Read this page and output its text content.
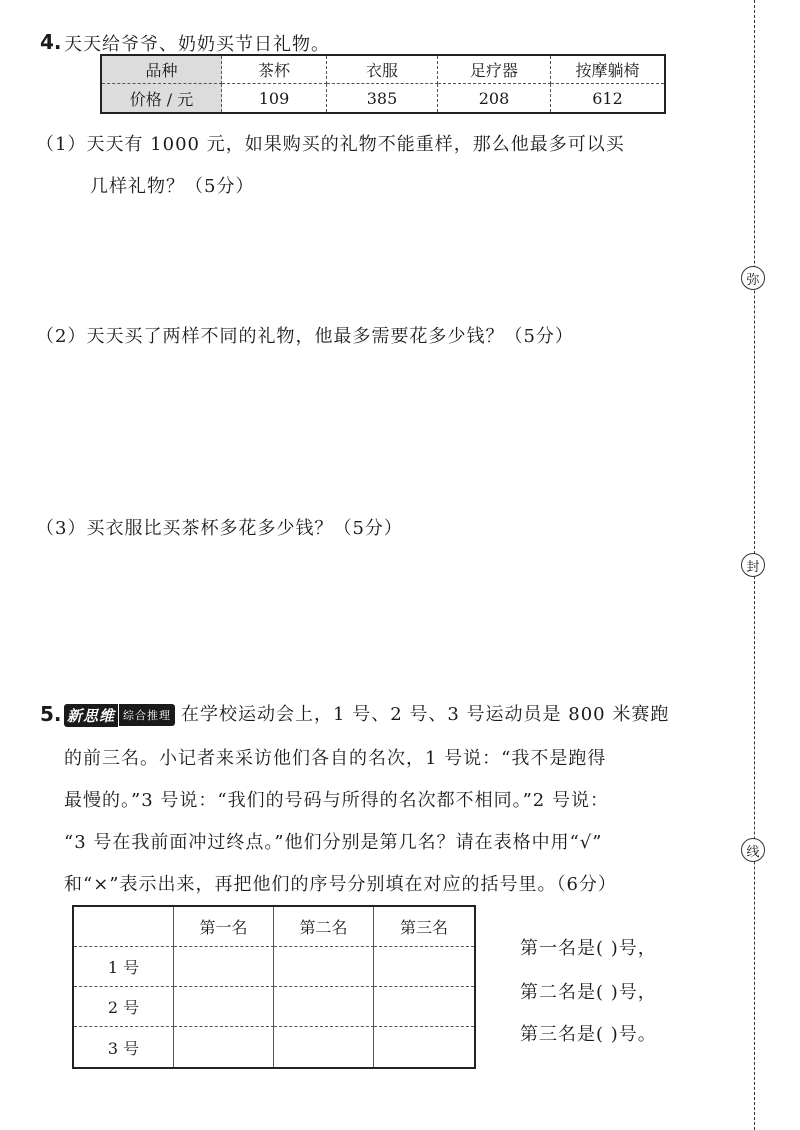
4. 天天给爷爷、奶奶买节日礼物。
品种	茶杯	衣服	足疗器	按摩躺椅
价格 / 元	109	385	208	612
（1）天天有 1000 元，如果购买的礼物不能重样，那么他最多可以买
几样礼物？（5分）
（2）天天买了两样不同的礼物，他最多需要花多少钱？（5分）
（3）买衣服比买茶杯多花多少钱？（5分）
5. 新思维 综合推理 在学校运动会上，1 号、2 号、3 号运动员是 800 米赛跑
的前三名。小记者来采访他们各自的名次，1 号说：“我不是跑得
最慢的。”3 号说：“我们的号码与所得的名次都不相同。”2 号说：
“3 号在我前面冲过终点。”他们分别是第几名？请在表格中用“√”
和“×”表示出来，再把他们的序号分别填在对应的括号里。（6分）
第一名	第二名	第三名
1 号
2 号
3 号
第一名是( )号，
第二名是( )号，
第三名是( )号。
弥
封
线
